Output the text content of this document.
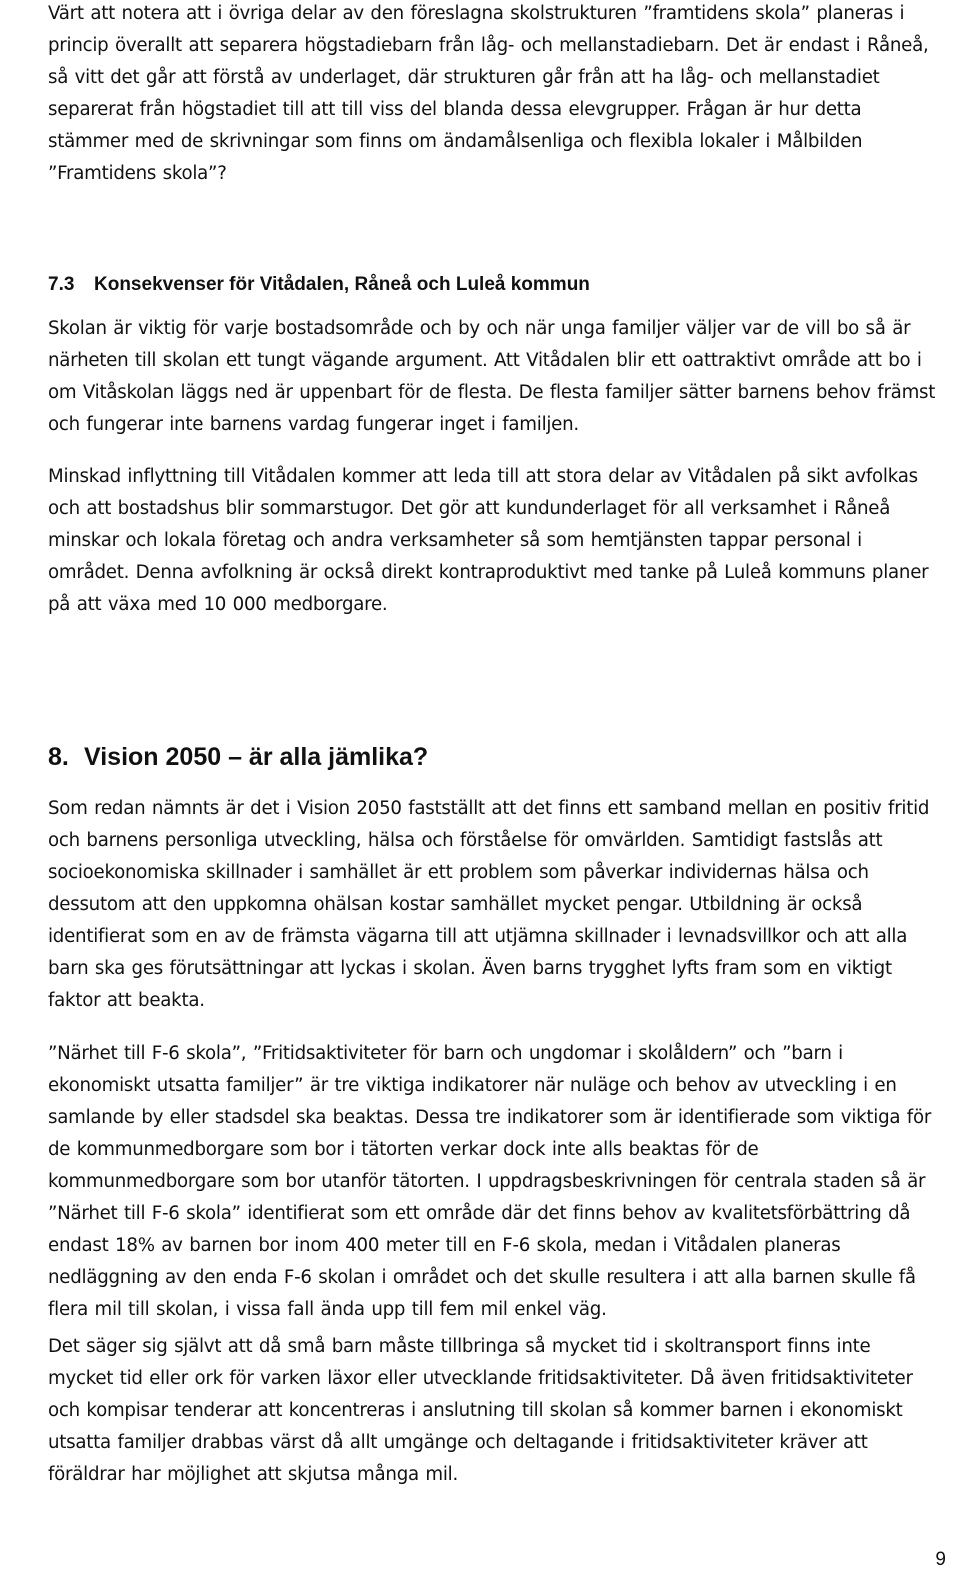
Värt att notera att i övriga delar av den föreslagna skolstrukturen ”framtidens skola” planeras i princip överallt att separera högstadiebarn från låg- och mellanstadiebarn. Det är endast i Råneå, så vitt det går att förstå av underlaget, där strukturen går från att ha låg- och mellanstadiet separerat från högstadiet till att till viss del blanda dessa elevgrupper. Frågan är hur detta stämmer med de skrivningar som finns om ändamålsenliga och flexibla lokaler i Målbilden ”Framtidens skola”?

7.3 Konsekvenser för Vitådalen, Råneå och Luleå kommun

Skolan är viktig för varje bostadsområde och by och när unga familjer väljer var de vill bo så är närheten till skolan ett tungt vägande argument. Att Vitådalen blir ett oattraktivt område att bo i om Vitåskolan läggs ned är uppenbart för de flesta. De flesta familjer sätter barnens behov främst och fungerar inte barnens vardag fungerar inget i familjen.

Minskad inflyttning till Vitådalen kommer att leda till att stora delar av Vitådalen på sikt avfolkas och att bostadshus blir sommarstugor. Det gör att kundunderlaget för all verksamhet i Råneå minskar och lokala företag och andra verksamheter så som hemtjänsten tappar personal i området. Denna avfolkning är också direkt kontraproduktivt med tanke på Luleå kommuns planer på att växa med 10 000 medborgare.

8. Vision 2050 – är alla jämlika?

Som redan nämnts är det i Vision 2050 fastställt att det finns ett samband mellan en positiv fritid och barnens personliga utveckling, hälsa och förståelse för omvärlden. Samtidigt fastslås att socioekonomiska skillnader i samhället är ett problem som påverkar individernas hälsa och dessutom att den uppkomna ohälsan kostar samhället mycket pengar. Utbildning är också identifierat som en av de främsta vägarna till att utjämna skillnader i levnadsvillkor och att alla barn ska ges förutsättningar att lyckas i skolan. Även barns trygghet lyfts fram som en viktigt faktor att beakta.

”Närhet till F-6 skola”, ”Fritidsaktiviteter för barn och ungdomar i skolåldern” och ”barn i ekonomiskt utsatta familjer” är tre viktiga indikatorer när nuläge och behov av utveckling i en samlande by eller stadsdel ska beaktas. Dessa tre indikatorer som är identifierade som viktiga för de kommunmedborgare som bor i tätorten verkar dock inte alls beaktas för de kommunmedborgare som bor utanför tätorten. I uppdragsbeskrivningen för centrala staden så är ”Närhet till F-6 skola” identifierat som ett område där det finns behov av kvalitetsförbättring då endast 18% av barnen bor inom 400 meter till en F-6 skola, medan i Vitådalen planeras nedläggning av den enda F-6 skolan i området och det skulle resultera i att alla barnen skulle få flera mil till skolan, i vissa fall ända upp till fem mil enkel väg.

Det säger sig självt att då små barn måste tillbringa så mycket tid i skoltransport finns inte mycket tid eller ork för varken läxor eller utvecklande fritidsaktiviteter. Då även fritidsaktiviteter och kompisar tenderar att koncentreras i anslutning till skolan så kommer barnen i ekonomiskt utsatta familjer drabbas värst då allt umgänge och deltagande i fritidsaktiviteter kräver att föräldrar har möjlighet att skjutsa många mil.

9
